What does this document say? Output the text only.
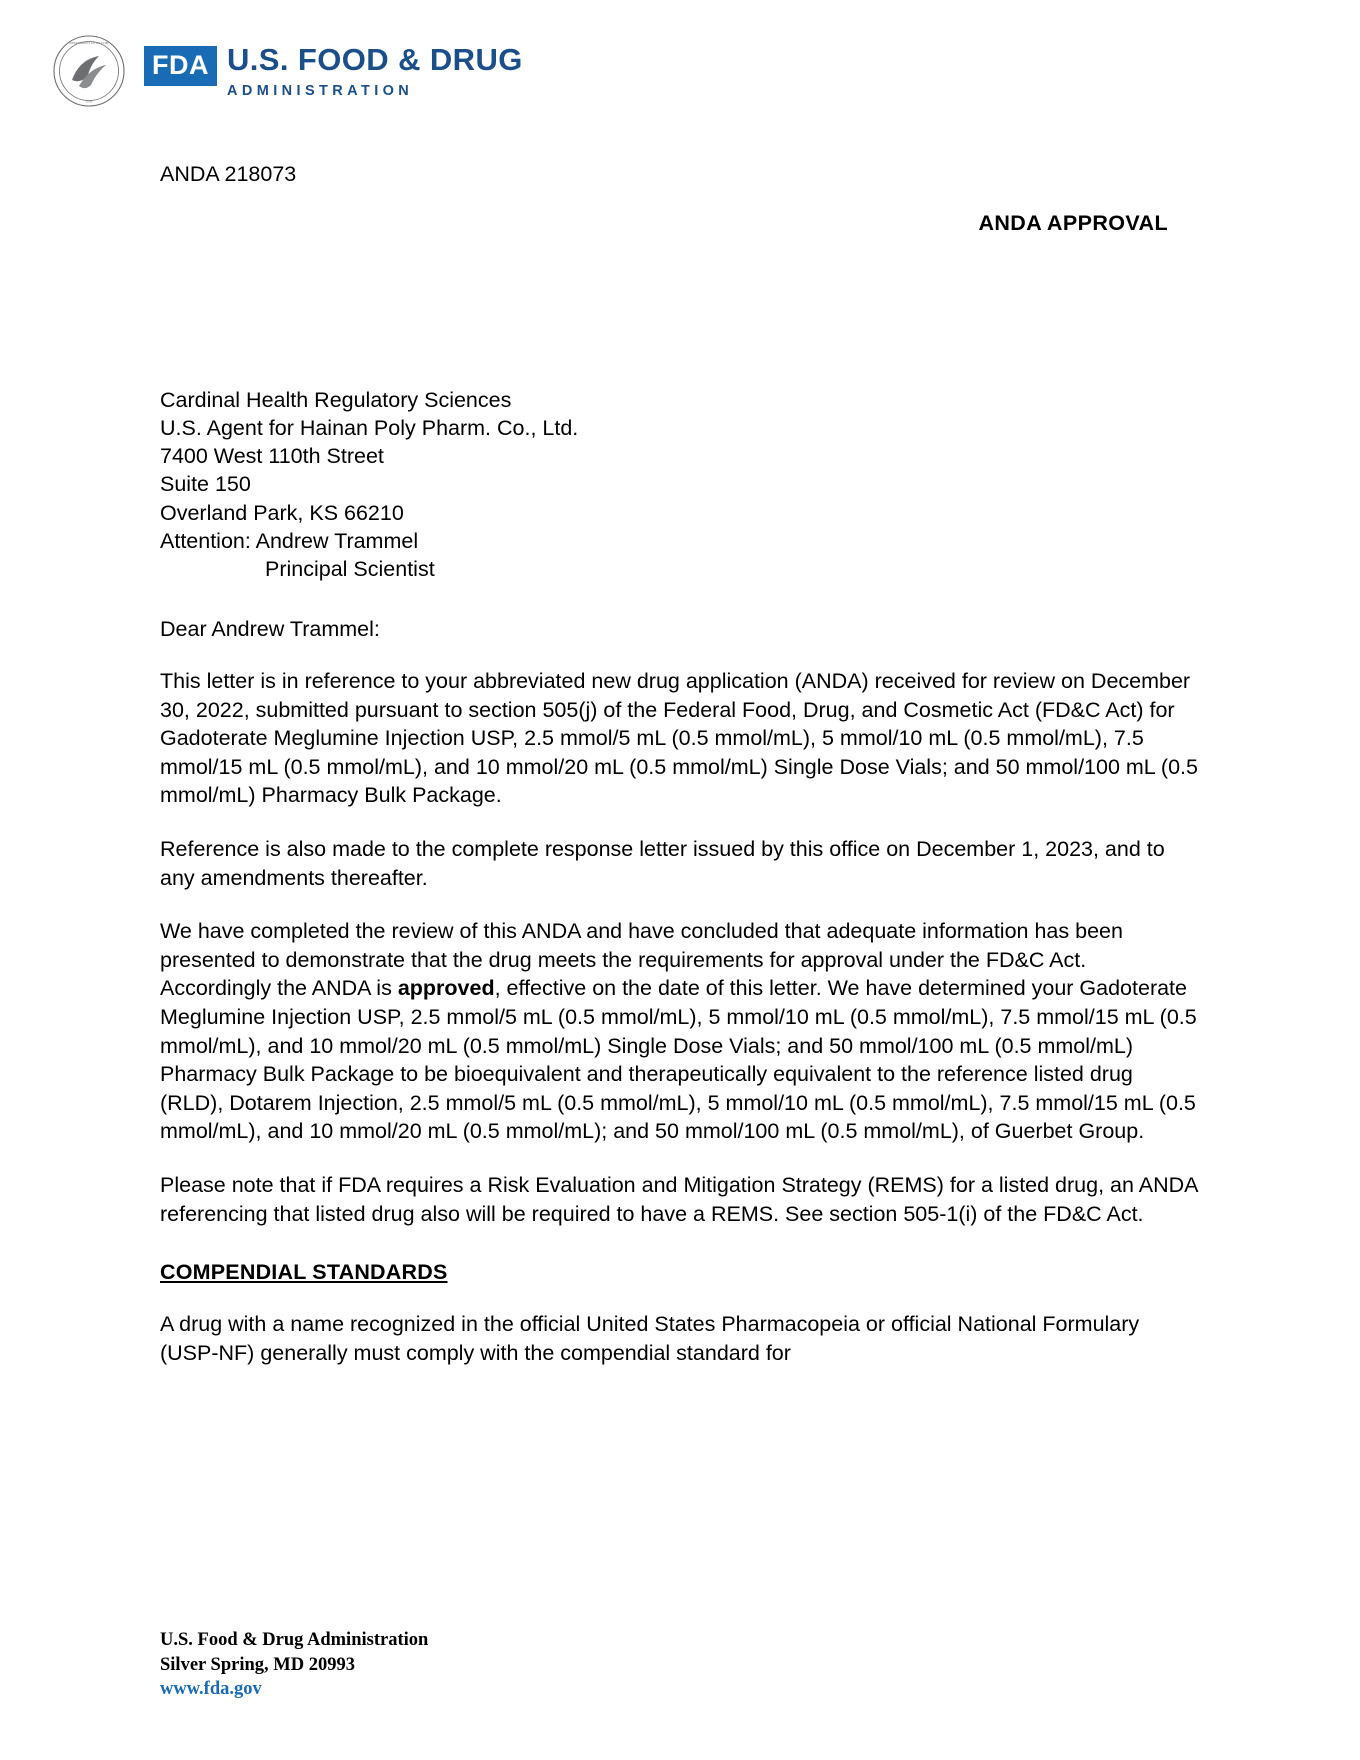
DEPARTMENT OF HEALTH
USA
FDA U.S. FOOD & DRUG
ADMINISTRATION
ANDA 218073
ANDA APPROVAL
Cardinal Health Regulatory Sciences
U.S. Agent for Hainan Poly Pharm. Co., Ltd.
7400 West 110th Street
Suite 150
Overland Park, KS 66210
Attention: Andrew Trammel
Principal Scientist
Dear Andrew Trammel:

This letter is in reference to your abbreviated new drug application (ANDA) received for review on December 30, 2022, submitted pursuant to section 505(j) of the Federal Food, Drug, and Cosmetic Act (FD&C Act) for Gadoterate Meglumine Injection USP, 2.5 mmol/5 mL (0.5 mmol/mL), 5 mmol/10 mL (0.5 mmol/mL), 7.5 mmol/15 mL (0.5 mmol/mL), and 10 mmol/20 mL (0.5 mmol/mL) Single Dose Vials; and 50 mmol/100 mL (0.5 mmol/mL) Pharmacy Bulk Package.

Reference is also made to the complete response letter issued by this office on December 1, 2023, and to any amendments thereafter.

We have completed the review of this ANDA and have concluded that adequate information has been presented to demonstrate that the drug meets the requirements for approval under the FD&C Act. Accordingly the ANDA is approved, effective on the date of this letter. We have determined your Gadoterate Meglumine Injection USP, 2.5 mmol/5 mL (0.5 mmol/mL), 5 mmol/10 mL (0.5 mmol/mL), 7.5 mmol/15 mL (0.5 mmol/mL), and 10 mmol/20 mL (0.5 mmol/mL) Single Dose Vials; and 50 mmol/100 mL (0.5 mmol/mL) Pharmacy Bulk Package to be bioequivalent and therapeutically equivalent to the reference listed drug (RLD), Dotarem Injection, 2.5 mmol/5 mL (0.5 mmol/mL), 5 mmol/10 mL (0.5 mmol/mL), 7.5 mmol/15 mL (0.5 mmol/mL), and 10 mmol/20 mL (0.5 mmol/mL); and 50 mmol/100 mL (0.5 mmol/mL), of Guerbet Group.

Please note that if FDA requires a Risk Evaluation and Mitigation Strategy (REMS) for a listed drug, an ANDA referencing that listed drug also will be required to have a REMS. See section 505-1(i) of the FD&C Act.

COMPENDIAL STANDARDS

A drug with a name recognized in the official United States Pharmacopeia or official National Formulary (USP-NF) generally must comply with the compendial standard for

U.S. Food & Drug Administration
Silver Spring, MD 20993
www.fda.gov
